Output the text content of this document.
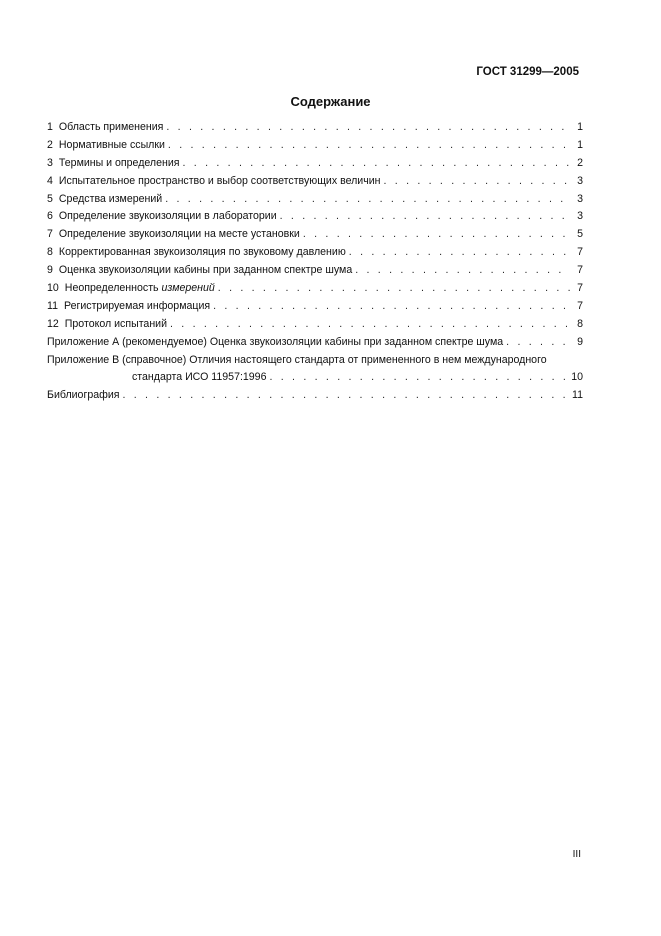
ГОСТ 31299—2005
Содержание
1 Область применения . . .	1
2 Нормативные ссылки . . .	1
3 Термины и определения . . .	2
4 Испытательное пространство и выбор соответствующих величин . . .	3
5 Средства измерений . . .	3
6 Определение звукоизоляции в лаборатории . . .	3
7 Определение звукоизоляции на месте установки . . .	5
8 Корректированная звукоизоляция по звуковому давлению . . .	7
9 Оценка звукоизоляции кабины при заданном спектре шума . . .	7
10 Неопределенность измерений . . .	7
11 Регистрируемая информация . . .	7
12 Протокол испытаний . . .	8
Приложение А (рекомендуемое) Оценка звукоизоляции кабины при заданном спектре шума . . .	9
Приложение В (справочное) Отличия настоящего стандарта от примененного в нем международного
стандарта ИСО 11957:1996 . . .	10
Библиография . . .	11
III
